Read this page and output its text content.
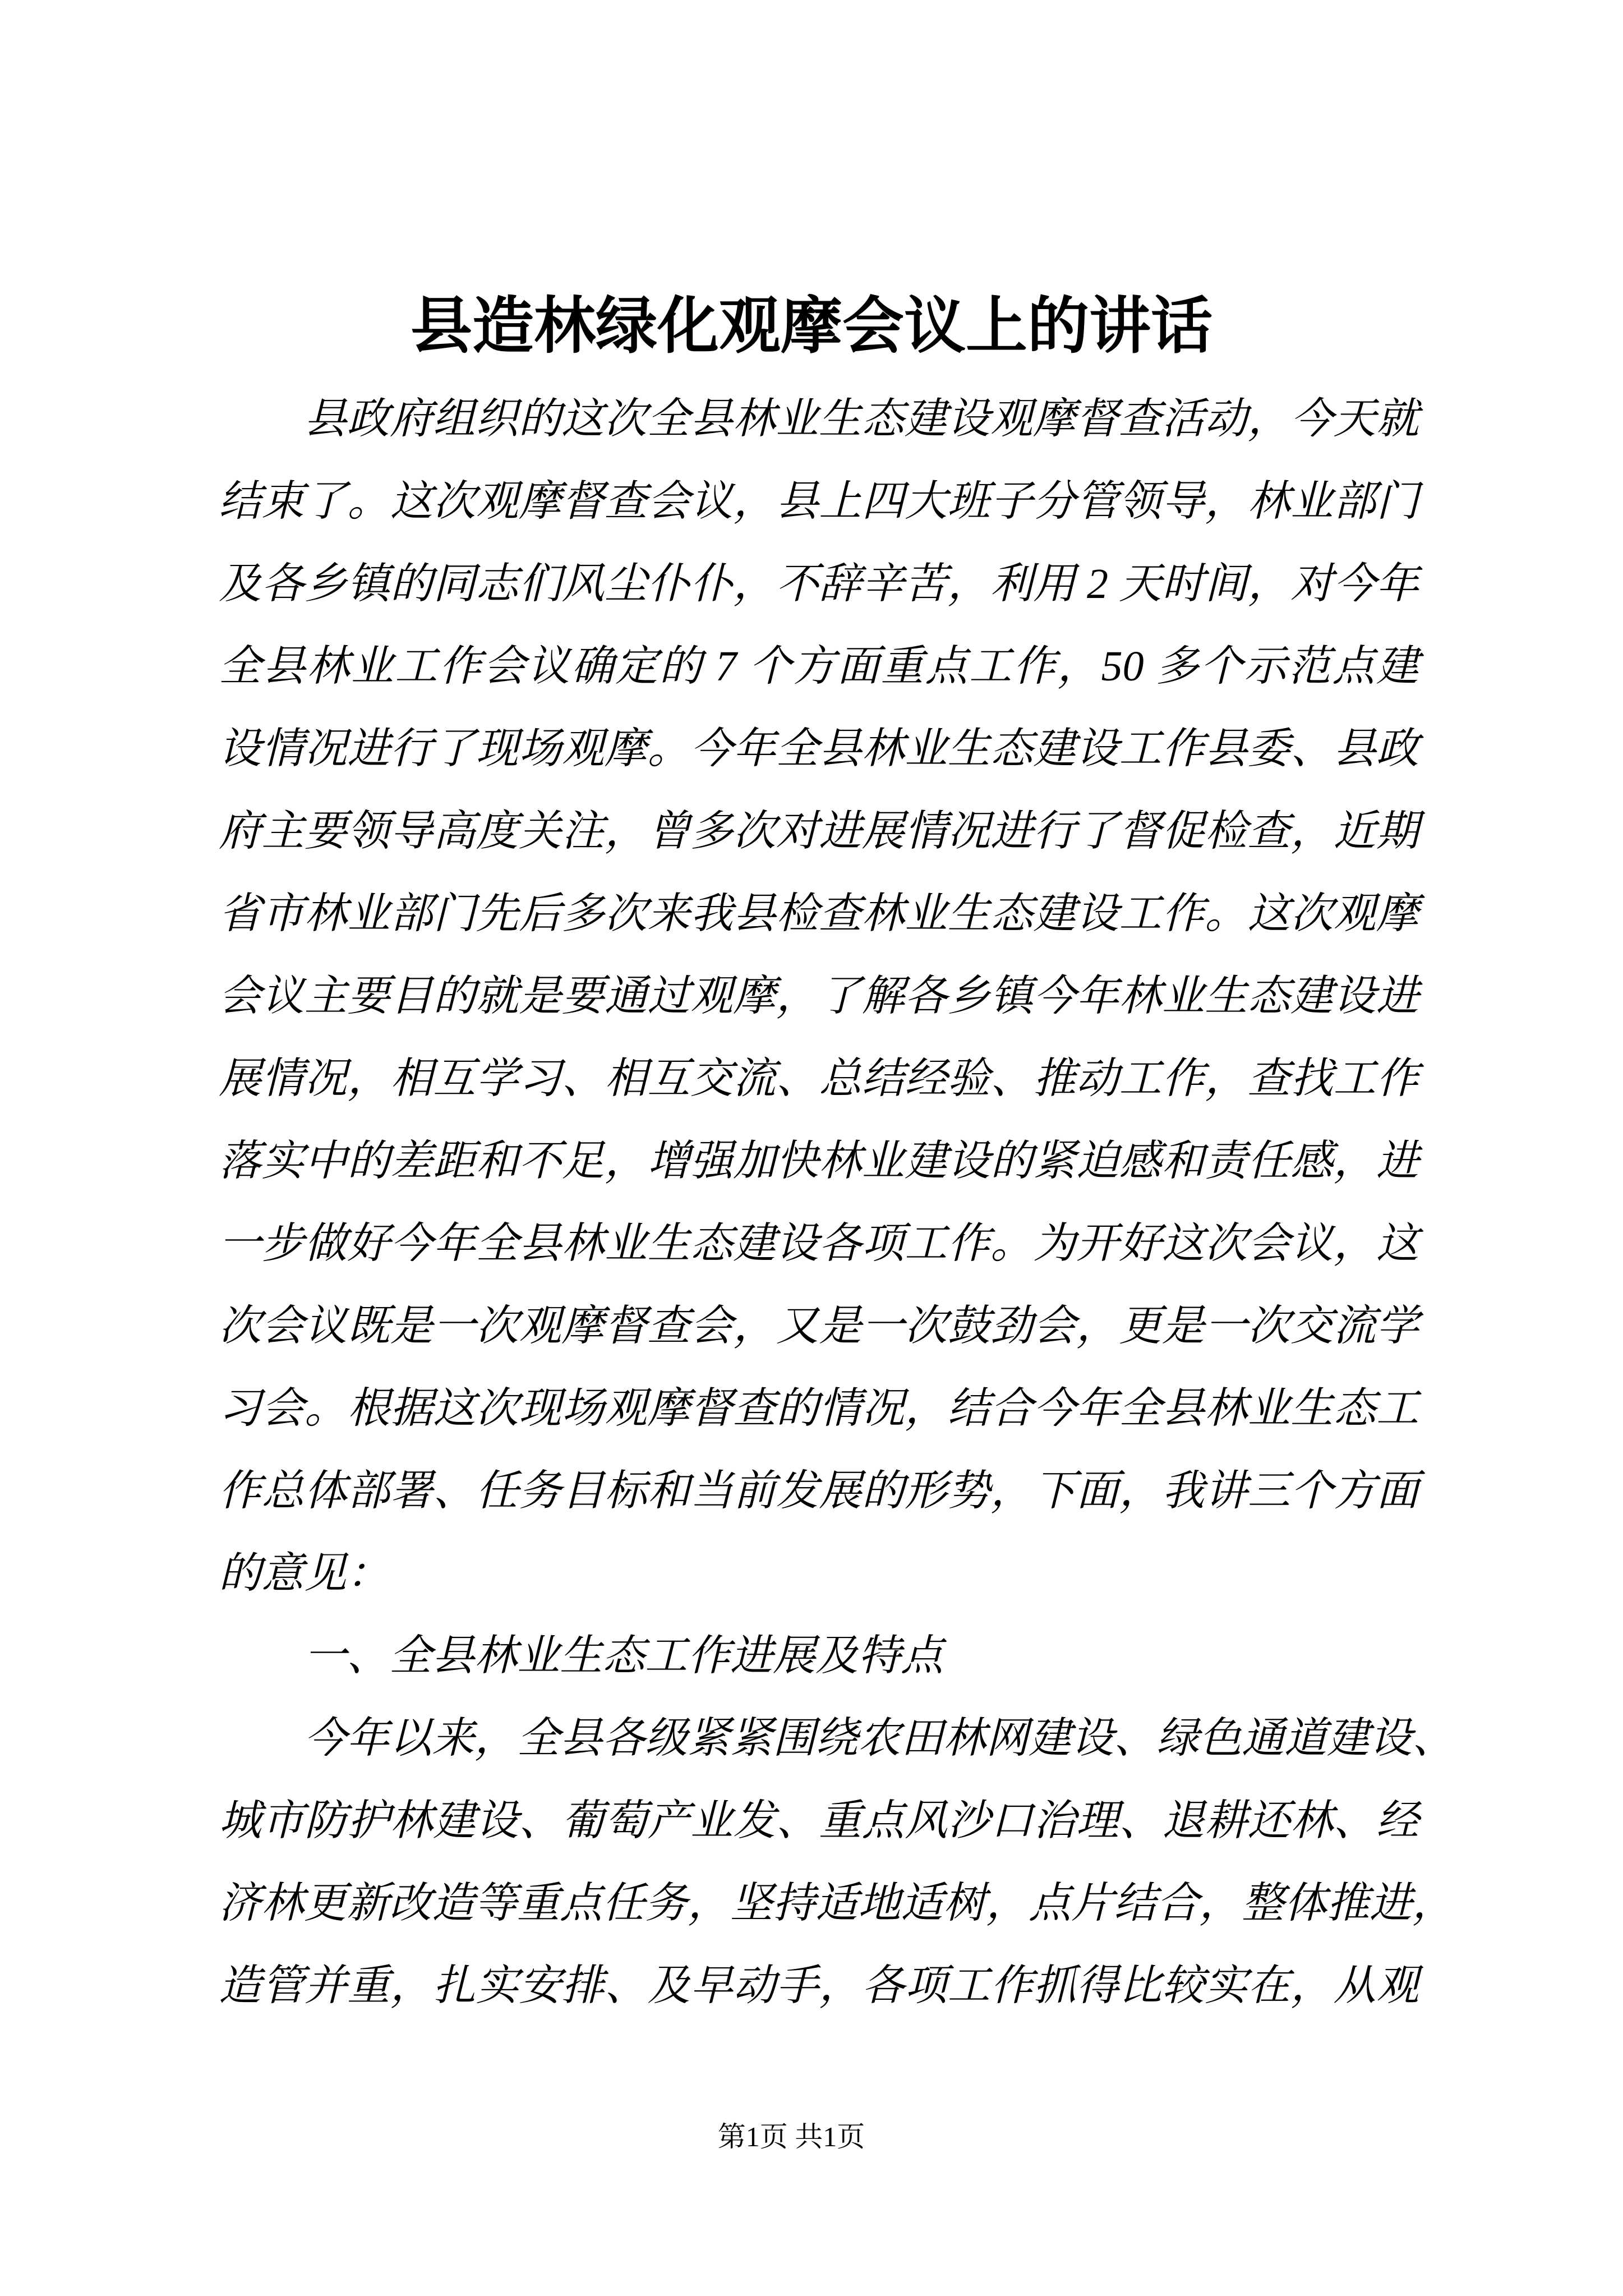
县造林绿化观摩会议上的讲话
县政府组织的这次全县林业生态建设观摩督查活动，今天就
结束了。这次观摩督查会议，县上四大班子分管领导，林业部门
及各乡镇的同志们风尘仆仆，不辞辛苦，利用 2 天时间，对今年
全县林业工作会议确定的 7 个方面重点工作，50 多个示范点建
设情况进行了现场观摩。今年全县林业生态建设工作县委、县政
府主要领导高度关注，曾多次对进展情况进行了督促检查，近期
省市林业部门先后多次来我县检查林业生态建设工作。这次观摩
会议主要目的就是要通过观摩，了解各乡镇今年林业生态建设进
展情况，相互学习、相互交流、总结经验、推动工作，查找工作
落实中的差距和不足，增强加快林业建设的紧迫感和责任感，进
一步做好今年全县林业生态建设各项工作。为开好这次会议，这
次会议既是一次观摩督查会，又是一次鼓劲会，更是一次交流学
习会。根据这次现场观摩督查的情况，结合今年全县林业生态工
作总体部署、任务目标和当前发展的形势，下面，我讲三个方面
的意见：
一、全县林业生态工作进展及特点
今年以来，全县各级紧紧围绕农田林网建设、绿色通道建设、
城市防护林建设、葡萄产业发、重点风沙口治理、退耕还林、经
济林更新改造等重点任务，坚持适地适树，点片结合，整体推进，
造管并重，扎实安排、及早动手，各项工作抓得比较实在，从观
第1页 共1页
